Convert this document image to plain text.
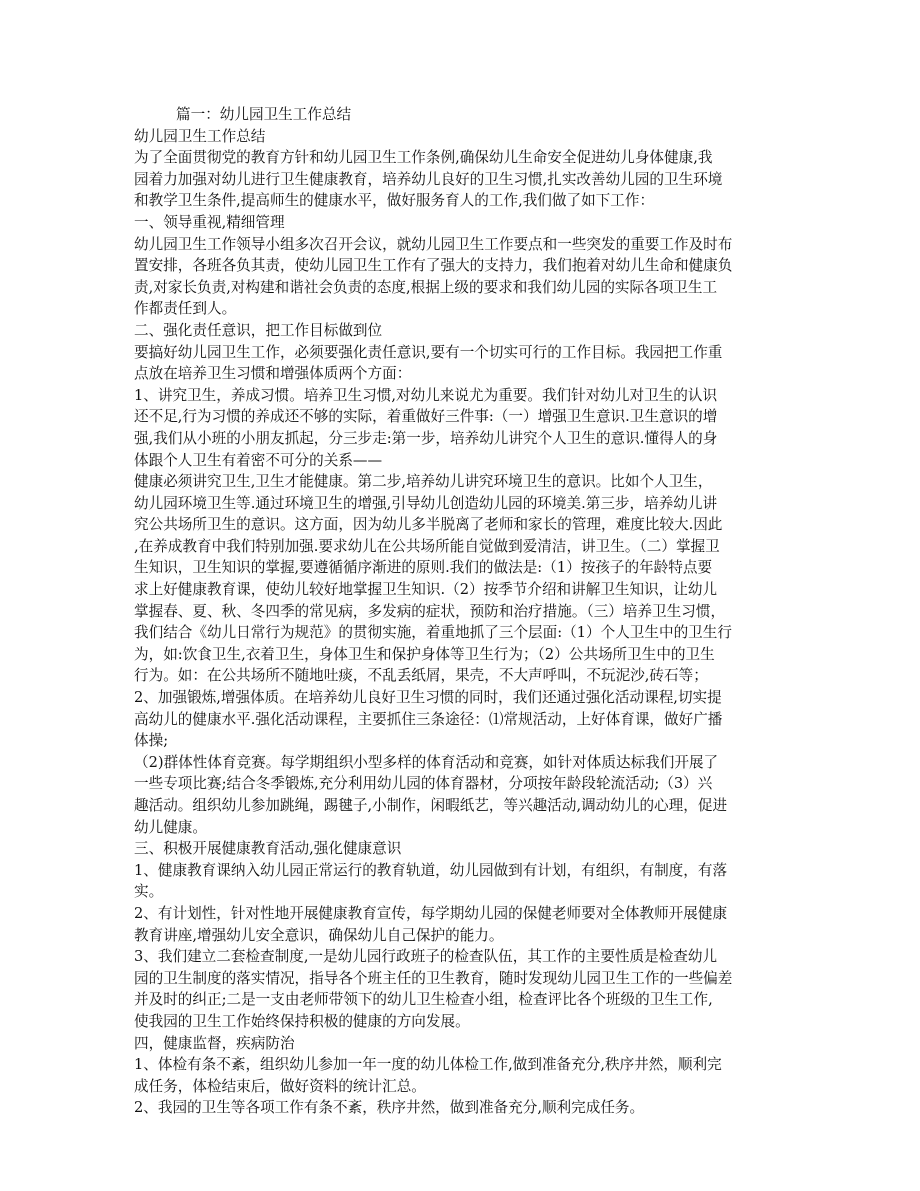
篇一：幼儿园卫生工作总结
幼儿园卫生工作总结
为了全面贯彻党的教育方针和幼儿园卫生工作条例,确保幼儿生命安全促进幼儿身体健康,我
园着力加强对幼儿进行卫生健康教育，培养幼儿良好的卫生习惯,扎实改善幼儿园的卫生环境
和教学卫生条件,提高师生的健康水平，做好服务育人的工作,我们做了如下工作：
一、领导重视,精细管理
幼儿园卫生工作领导小组多次召开会议，就幼儿园卫生工作要点和一些突发的重要工作及时布
置安排，各班各负其责，使幼儿园卫生工作有了强大的支持力，我们抱着对幼儿生命和健康负
责,对家长负责,对构建和谐社会负责的态度,根据上级的要求和我们幼儿园的实际各项卫生工
作都责任到人。
二、强化责任意识，把工作目标做到位
要搞好幼儿园卫生工作，必须要强化责任意识,要有一个切实可行的工作目标。我园把工作重
点放在培养卫生习惯和增强体质两个方面：
1、讲究卫生，养成习惯。培养卫生习惯,对幼儿来说尤为重要。我们针对幼儿对卫生的认识
还不足,行为习惯的养成还不够的实际，着重做好三件事:（一）增强卫生意识.卫生意识的增
强,我们从小班的小朋友抓起，分三步走:第一步，培养幼儿讲究个人卫生的意识.懂得人的身
体跟个人卫生有着密不可分的关系——
健康必须讲究卫生,卫生才能健康。第二步,培养幼儿讲究环境卫生的意识。比如个人卫生，
幼儿园环境卫生等.通过环境卫生的增强,引导幼儿创造幼儿园的环境美.第三步，培养幼儿讲
究公共场所卫生的意识。这方面，因为幼儿多半脱离了老师和家长的管理，难度比较大.因此
,在养成教育中我们特别加强.要求幼儿在公共场所能自觉做到爱清洁，讲卫生。（二）掌握卫
生知识，卫生知识的掌握,要遵循循序渐进的原则.我们的做法是:（1）按孩子的年龄特点要
求上好健康教育课，使幼儿较好地掌握卫生知识.（2）按季节介绍和讲解卫生知识，让幼儿
掌握春、夏、秋、冬四季的常见病，多发病的症状，预防和治疗措施。（三）培养卫生习惯，
我们结合《幼儿日常行为规范》的贯彻实施，着重地抓了三个层面:（1）个人卫生中的卫生行
为，如:饮食卫生,衣着卫生，身体卫生和保护身体等卫生行为；（2）公共场所卫生中的卫生
行为。如：在公共场所不随地吐痰，不乱丢纸屑，果壳，不大声呼叫，不玩泥沙,砖石等；
2、加强锻炼,增强体质。在培养幼儿良好卫生习惯的同时，我们还通过强化活动课程,切实提
高幼儿的健康水平.强化活动课程，主要抓住三条途径：⑴常规活动，上好体育课，做好广播
体操;
（2)群体性体育竞赛。每学期组织小型多样的体育活动和竞赛，如针对体质达标我们开展了
一些专项比赛;结合冬季锻炼,充分利用幼儿园的体育器材，分项按年龄段轮流活动;（3）兴
趣活动。组织幼儿参加跳绳，踢毽子,小制作，闲暇纸艺，等兴趣活动,调动幼儿的心理，促进
幼儿健康。
三、积极开展健康教育活动,强化健康意识
1、健康教育课纳入幼儿园正常运行的教育轨道，幼儿园做到有计划，有组织，有制度，有落
实。
2、有计划性，针对性地开展健康教育宣传，每学期幼儿园的保健老师要对全体教师开展健康
教育讲座,增强幼儿安全意识，确保幼儿自己保护的能力。
3、我们建立二套检查制度,一是幼儿园行政班子的检查队伍，其工作的主要性质是检查幼儿
园的卫生制度的落实情况，指导各个班主任的卫生教育，随时发现幼儿园卫生工作的一些偏差
并及时的纠正;二是一支由老师带领下的幼儿卫生检查小组，检查评比各个班级的卫生工作,
使我园的卫生工作始终保持积极的健康的方向发展。
四，健康监督，疾病防治
1、体检有条不紊，组织幼儿参加一年一度的幼儿体检工作,做到准备充分,秩序井然，顺利完
成任务，体检结束后，做好资料的统计汇总。
2、我园的卫生等各项工作有条不紊，秩序井然，做到准备充分,顺利完成任务。
